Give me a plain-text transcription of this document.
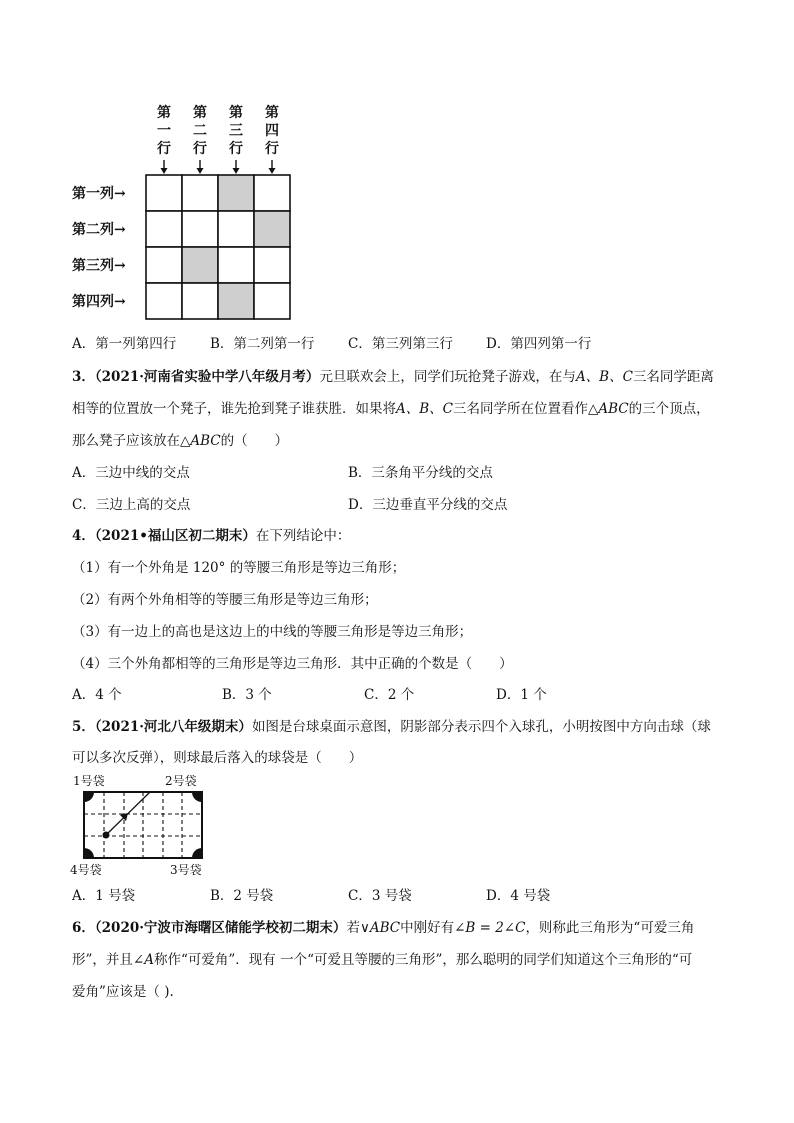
第一行
第二行
第三行
第四行
第一列→
第二列→
第三列→
第四列→
A．第一列第四行	B．第二列第一行 C．第三列第三行 D．第四列第一行
3．（2021·河南省实验中学八年级月考）元旦联欢会上，同学们玩抢凳子游戏，在与A、B、C三名同学距离
相等的位置放一个凳子，谁先抢到凳子谁获胜．如果将A、B、C三名同学所在位置看作△ABC的三个顶点，
那么凳子应该放在△ABC的（　　）
A．三边中线的交点	B．三条角平分线的交点
C．三边上高的交点	D．三边垂直平分线的交点
4．（2021•福山区初二期末）在下列结论中：
（1）有一个外角是 120° 的等腰三角形是等边三角形；
（2）有两个外角相等的等腰三角形是等边三角形；
（3）有一边上的高也是这边上的中线的等腰三角形是等边三角形；
（4）三个外角都相等的三角形是等边三角形．其中正确的个数是（　　）
A．4 个	B．3 个	C．2 个	D．1 个
5．（2021·河北八年级期末）如图是台球桌面示意图，阴影部分表示四个入球孔，小明按图中方向击球（球
可以多次反弹），则球最后落入的球袋是（　　）
1号袋	2号袋
3号袋
4号袋
A．1 号袋	B．2 号袋	C．3 号袋	D．4 号袋
6．（2020·宁波市海曙区储能学校初二期末）若∨ABC中刚好有∠B = 2∠C，则称此三角形为“可爱三角
形”，并且∠A称作“可爱角”．现有 一个“可爱且等腰的三角形”，那么聪明的同学们知道这个三角形的“可
爱角”应该是（ ).
